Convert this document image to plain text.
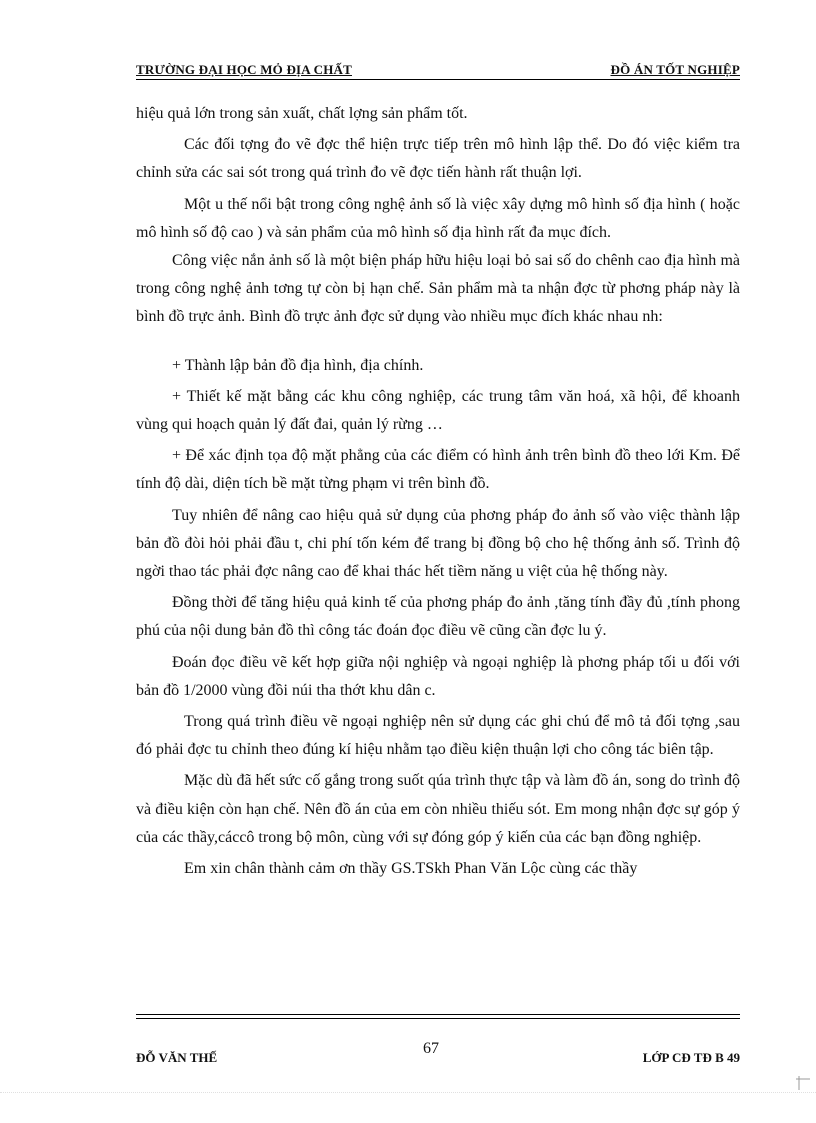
TRƯỜNG ĐẠI HỌC MỎ ĐỊA CHẤT	ĐỒ ÁN TỐT NGHIỆP

hiệu quả lớn trong sản xuất, chất lợng sản phẩm tốt.

Các đối tợng đo vẽ đợc thể hiện trực tiếp trên mô hình lập thể. Do đó việc kiểm tra chỉnh sửa các sai sót trong quá trình đo vẽ đợc tiến hành rất thuận lợi.

Một u thế nổi bật trong công nghệ ảnh số là việc xây dựng mô hình số địa hình ( hoặc mô hình số độ cao ) và sản phẩm của mô hình số địa hình rất đa mục đích.

Công việc nắn ảnh số là một biện pháp hữu hiệu loại bỏ sai số do chênh cao địa hình mà trong công nghệ ảnh tơng tự còn bị hạn chế. Sản phẩm mà ta nhận đợc từ phơng pháp này là bình đồ trực ảnh. Bình đồ trực ảnh đợc sử dụng vào nhiều mục đích khác nhau nh:

+ Thành lập bản đồ địa hình, địa chính.

+ Thiết kế mặt bằng các khu công nghiệp, các trung tâm văn hoá, xã hội, để khoanh vùng qui hoạch quản lý đất đai, quản lý rừng …

+ Để xác định tọa độ mặt phẳng của các điểm có hình ảnh trên bình đồ theo lới Km. Để tính độ dài, diện tích bề mặt từng phạm vi trên bình đồ.

Tuy nhiên để nâng cao hiệu quả sử dụng của phơng pháp đo ảnh số vào việc thành lập bản đồ đòi hỏi phải đầu t, chi phí tốn kém để trang bị đồng bộ cho hệ thống ảnh số. Trình độ ngời thao tác phải đợc nâng cao để khai thác hết tiềm năng u việt của hệ thống này.

Đồng thời để tăng hiệu quả kinh tế của phơng pháp đo ảnh ,tăng tính đầy đủ ,tính phong phú của nội dung bản đồ thì công tác đoán đọc điều vẽ cũng cần đợc lu ý.

Đoán đọc điều vẽ kết hợp giữa nội nghiệp và ngoại nghiệp là phơng pháp tối u đối với bản đồ 1/2000 vùng đồi núi tha thớt khu dân c.

Trong quá trình điều vẽ ngoại nghiệp nên sử dụng các ghi chú để mô tả đối tợng ,sau đó phải đợc tu chỉnh theo đúng kí hiệu nhằm tạo điều kiện thuận lợi cho công tác biên tập.

Mặc dù đã hết sức cố gắng trong suốt qúa trình thực tập và làm đồ án, song do trình độ và điều kiện còn hạn chế. Nên đồ án của em còn nhiều thiếu sót. Em mong nhận đợc sự góp ý của các thầy,cáccô trong bộ môn, cùng với sự đóng góp ý kiến của các bạn đồng nghiệp.

Em xin chân thành cảm ơn thầy GS.TSkh Phan Văn Lộc cùng các thầy

ĐỖ VĂN THẾ
67
LỚP CĐ TĐ B 49
